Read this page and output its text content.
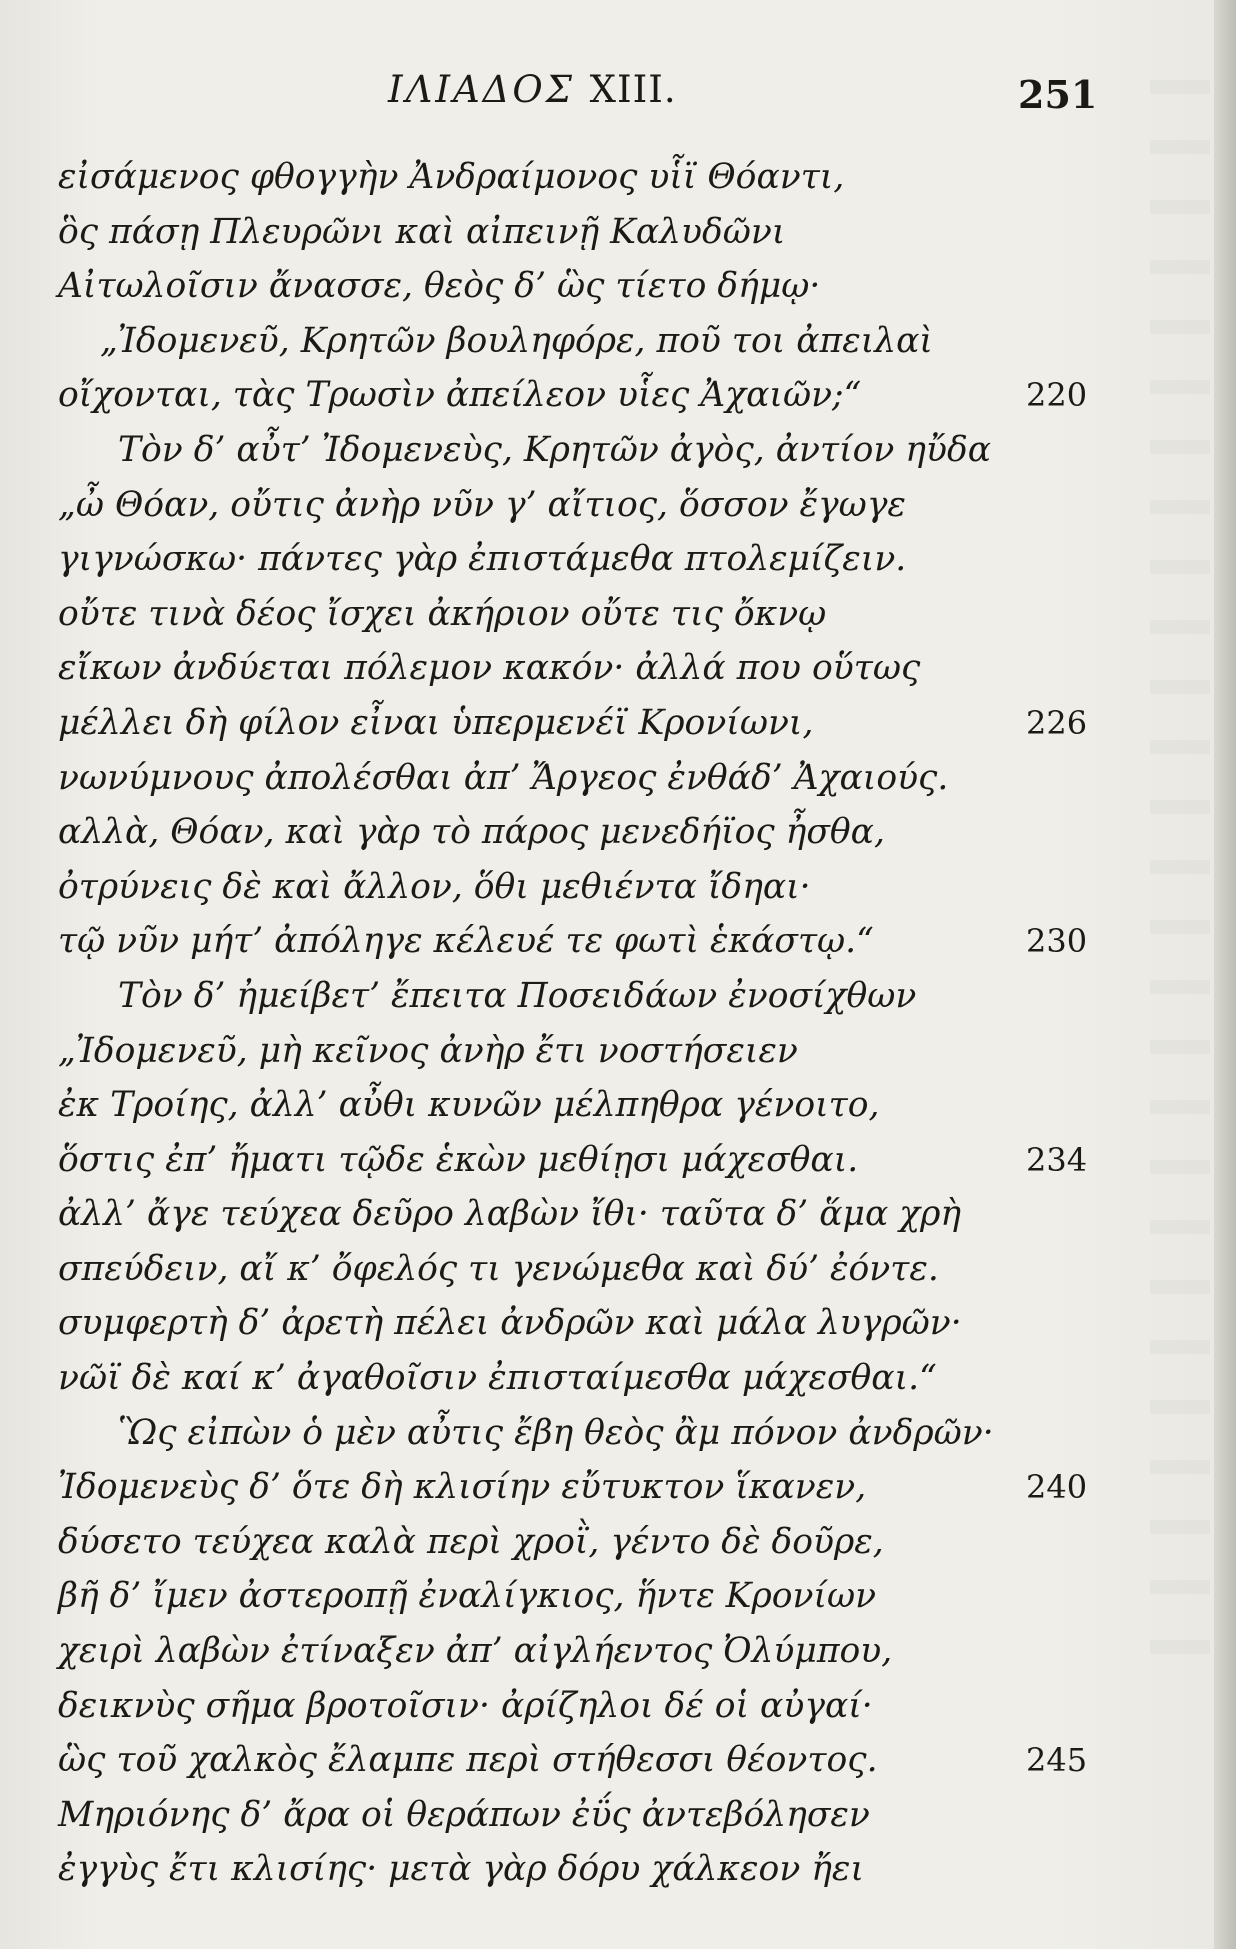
ΙΛΙΑΔΟΣ XIII.	251
εἰσάμενος φθογγὴν Ἀνδραίμονος υἷϊ Θόαντι,
ὃς πάσῃ Πλευρῶνι καὶ αἰπεινῇ Καλυδῶνι
Αἰτωλοῖσιν ἄνασσε, θεὸς δ’ ὣς τίετο δήμῳ·
„Ἰδομενεῦ, Κρητῶν βουληφόρε, ποῦ τοι ἀπειλαὶ
οἴχονται, τὰς Τρωσὶν ἀπείλεον υἷες Ἀχαιῶν;“	220
Τὸν δ’ αὖτ’ Ἰδομενεὺς, Κρητῶν ἀγὸς, ἀντίον ηὔδα
„ὦ Θόαν, οὔτις ἀνὴρ νῦν γ’ αἴτιος, ὅσσον ἔγωγε
γιγνώσκω· πάντες γὰρ ἐπιστάμεθα πτολεμίζειν.
οὔτε τινὰ δέος ἴσχει ἀκήριον οὔτε τις ὄκνῳ
εἴκων ἀνδύεται πόλεμον κακόν· ἀλλά που οὕτως
μέλλει δὴ φίλον εἶναι ὑπερμενέϊ Κρονίωνι,	226
νωνύμνους ἀπολέσθαι ἀπ’ Ἄργεος ἐνθάδ’ Ἀχαιούς.
αλλὰ, Θόαν, καὶ γὰρ τὸ πάρος μενεδήϊος ἦσθα,
ὀτρύνεις δὲ καὶ ἄλλον, ὅθι μεθιέντα ἴδηαι·
τῷ νῦν μήτ’ ἀπόληγε κέλευέ τε φωτὶ ἑκάστῳ.“	230
Τὸν δ’ ἠμείβετ’ ἔπειτα Ποσειδάων ἐνοσίχθων
„Ἰδομενεῦ, μὴ κεῖνος ἀνὴρ ἔτι νοστήσειεν
ἐκ Τροίης, ἀλλ’ αὖθι κυνῶν μέλπηθρα γένοιτο,
ὅστις ἐπ’ ἤματι τῷδε ἑκὼν μεθίῃσι μάχεσθαι.	234
ἀλλ’ ἄγε τεύχεα δεῦρο λαβὼν ἴθι· ταῦτα δ’ ἅμα χρὴ
σπεύδειν, αἴ κ’ ὄφελός τι γενώμεθα καὶ δύ’ ἐόντε.
συμφερτὴ δ’ ἀρετὴ πέλει ἀνδρῶν καὶ μάλα λυγρῶν·
νῶϊ δὲ καί κ’ ἀγαθοῖσιν ἐπισταίμεσθα μάχεσθαι.“
Ὣς εἰπὼν ὁ μὲν αὖτις ἔβη θεὸς ἂμ πόνον ἀνδρῶν·
Ἰδομενεὺς δ’ ὅτε δὴ κλισίην εὔτυκτον ἵκανεν,	240
δύσετο τεύχεα καλὰ περὶ χροῒ, γέντο δὲ δοῦρε,
βῆ δ’ ἴμεν ἀστεροπῇ ἐναλίγκιος, ἥντε Κρονίων
χειρὶ λαβὼν ἐτίναξεν ἀπ’ αἰγλήεντος Ὀλύμπου,
δεικνὺς σῆμα βροτοῖσιν· ἀρίζηλοι δέ οἱ αὐγαί·
ὣς τοῦ χαλκὸς ἔλαμπε περὶ στήθεσσι θέοντος.	245
Μηριόνης δ’ ἄρα οἱ θεράπων ἐΰς ἀντεβόλησεν
ἐγγὺς ἔτι κλισίης· μετὰ γὰρ δόρυ χάλκεον ἤει
